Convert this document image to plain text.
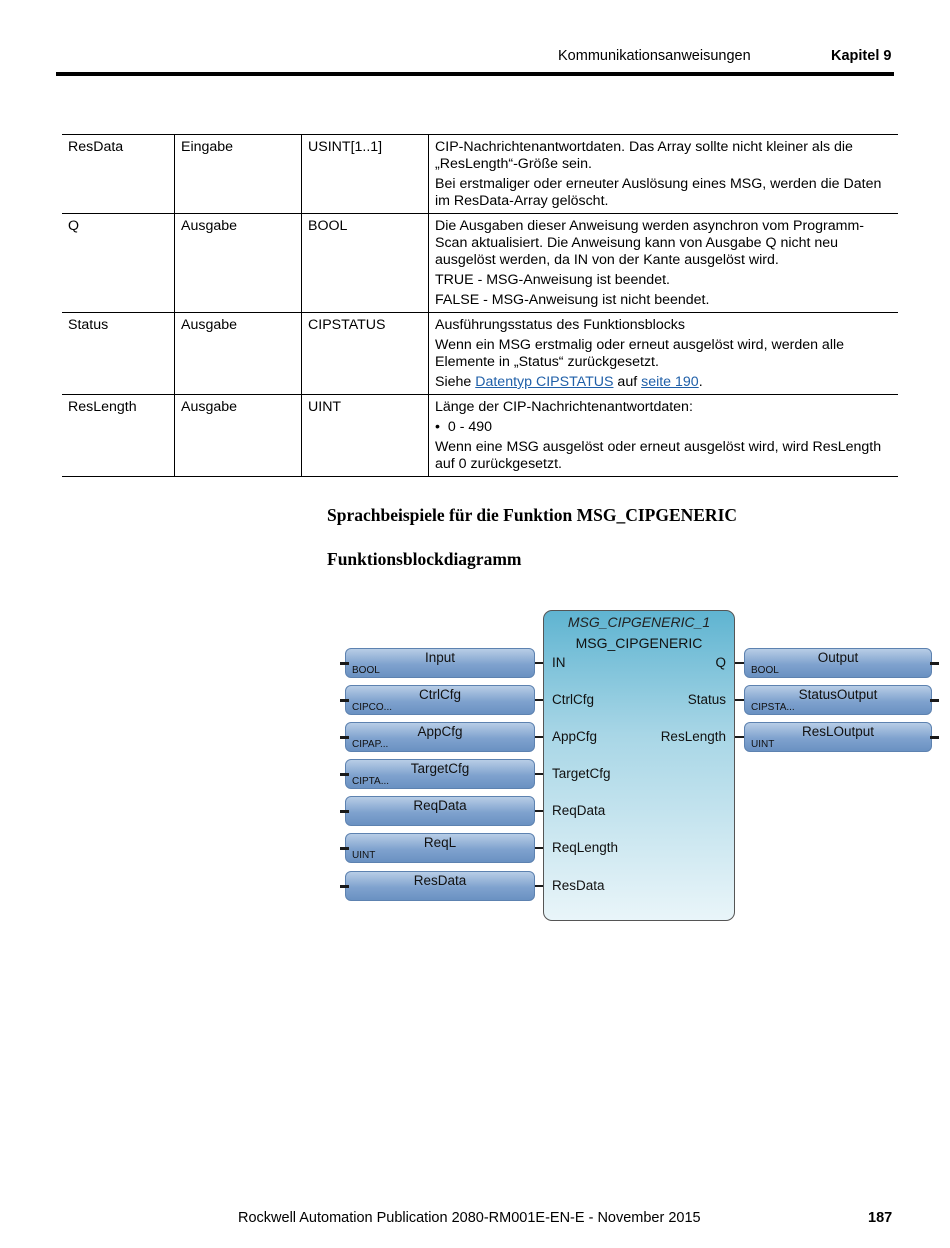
Kommunikationsanweisungen	Kapitel 9
ResData	Eingabe	USINT[1..1]	CIP-Nachrichtenantwortdaten. Das Array sollte nicht kleiner als die „ResLength“-Größe sein.

Bei erstmaliger oder erneuter Auslösung eines MSG, werden die Daten im ResData-Array gelöscht.

Q	Ausgabe	BOOL	Die Ausgaben dieser Anweisung werden asynchron vom Programm-Scan aktualisiert. Die Anweisung kann von Ausgabe Q nicht neu ausgelöst werden, da IN von der Kante ausgelöst wird.

TRUE - MSG-Anweisung ist beendet.

FALSE - MSG-Anweisung ist nicht beendet.

Status	Ausgabe	CIPSTATUS	Ausführungsstatus des Funktionsblocks

Wenn ein MSG erstmalig oder erneut ausgelöst wird, werden alle Elemente in „Status“ zurückgesetzt.

Siehe Datentyp CIPSTATUS auf seite 190.

ResLength	Ausgabe	UINT	Länge der CIP-Nachrichtenantwortdaten:

•  0 - 490

Wenn eine MSG ausgelöst oder erneut ausgelöst wird, wird ResLength auf 0 zurückgesetzt.

Sprachbeispiele für die Funktion MSG_CIPGENERIC
Funktionsblockdiagramm
Input
BOOL
CtrlCfg
CIPCO...
AppCfg
CIPAP...
TargetCfg
CIPTA...
ReqData
ReqL
UINT
ResData
MSG_CIPGENERIC_1
MSG_CIPGENERIC
IN
CtrlCfg
AppCfg
TargetCfg
ReqData
ReqLength
ResData
Q
Status
ResLength
Output
BOOL
StatusOutput
CIPSTA...
ResLOutput
UINT
Rockwell Automation Publication 2080-RM001E-EN-E - November 2015	187
